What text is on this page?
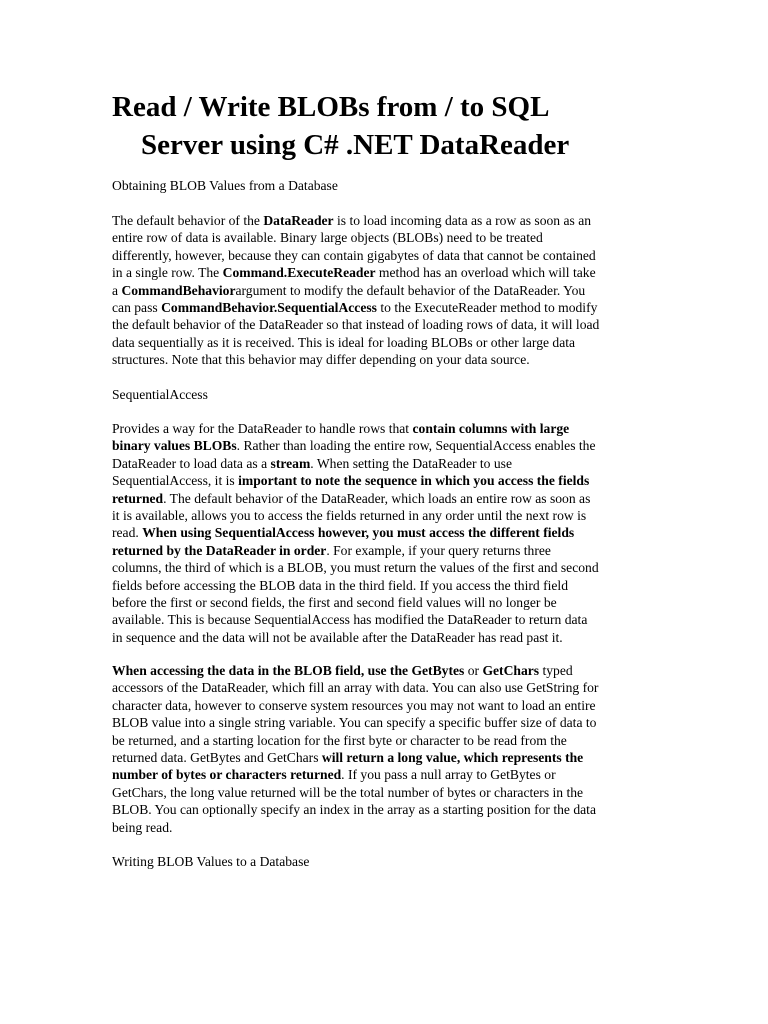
Read / Write BLOBs from / to SQL
Server using C# .NET DataReader

Obtaining BLOB Values from a Database

The default behavior of the DataReader is to load incoming data as a row as soon as an
entire row of data is available. Binary large objects (BLOBs) need to be treated
differently, however, because they can contain gigabytes of data that cannot be contained
in a single row. The Command.ExecuteReader method has an overload which will take
a CommandBehaviorargument to modify the default behavior of the DataReader. You
can pass CommandBehavior.SequentialAccess to the ExecuteReader method to modify
the default behavior of the DataReader so that instead of loading rows of data, it will load
data sequentially as it is received. This is ideal for loading BLOBs or other large data
structures. Note that this behavior may differ depending on your data source.

SequentialAccess

Provides a way for the DataReader to handle rows that contain columns with large
binary values BLOBs. Rather than loading the entire row, SequentialAccess enables the
DataReader to load data as a stream. When setting the DataReader to use
SequentialAccess, it is important to note the sequence in which you access the fields
returned. The default behavior of the DataReader, which loads an entire row as soon as
it is available, allows you to access the fields returned in any order until the next row is
read. When using SequentialAccess however, you must access the different fields
returned by the DataReader in order. For example, if your query returns three
columns, the third of which is a BLOB, you must return the values of the first and second
fields before accessing the BLOB data in the third field. If you access the third field
before the first or second fields, the first and second field values will no longer be
available. This is because SequentialAccess has modified the DataReader to return data
in sequence and the data will not be available after the DataReader has read past it.
When accessing the data in the BLOB field, use the GetBytes or GetChars typed
accessors of the DataReader, which fill an array with data. You can also use GetString for
character data, however to conserve system resources you may not want to load an entire
BLOB value into a single string variable. You can specify a specific buffer size of data to
be returned, and a starting location for the first byte or character to be read from the
returned data. GetBytes and GetChars will return a long value, which represents the
number of bytes or characters returned. If you pass a null array to GetBytes or
GetChars, the long value returned will be the total number of bytes or characters in the
BLOB. You can optionally specify an index in the array as a starting position for the data
being read.

Writing BLOB Values to a Database
